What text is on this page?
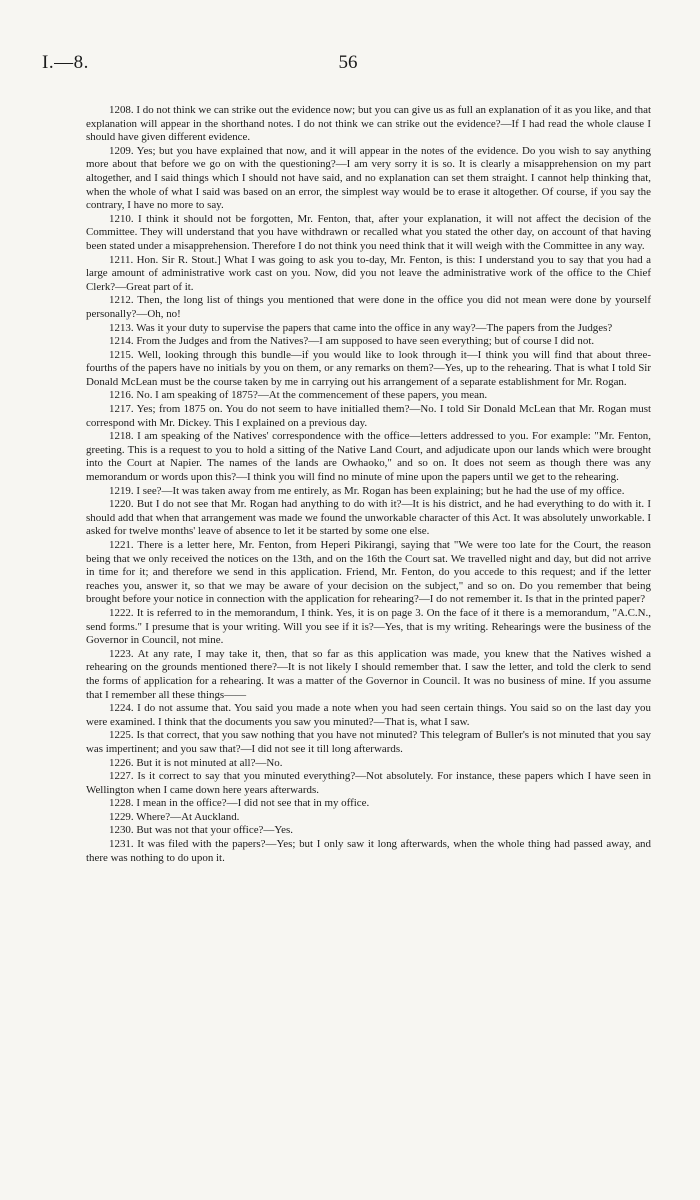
I.—8.	56

1208. I do not think we can strike out the evidence now; but you can give us as full an explanation of it as you like, and that explanation will appear in the shorthand notes. I do not think we can strike out the evidence?—If I had read the whole clause I should have given different evidence.

1209. Yes; but you have explained that now, and it will appear in the notes of the evidence. Do you wish to say anything more about that before we go on with the questioning?—I am very sorry it is so. It is clearly a misapprehension on my part altogether, and I said things which I should not have said, and no explanation can set them straight. I cannot help thinking that, when the whole of what I said was based on an error, the simplest way would be to erase it altogether. Of course, if you say the contrary, I have no more to say.

1210. I think it should not be forgotten, Mr. Fenton, that, after your explanation, it will not affect the decision of the Committee. They will understand that you have withdrawn or recalled what you stated the other day, on account of that having been stated under a misapprehension. Therefore I do not think you need think that it will weigh with the Committee in any way.

1211. Hon. Sir R. Stout.] What I was going to ask you to-day, Mr. Fenton, is this: I understand you to say that you had a large amount of administrative work cast on you. Now, did you not leave the administrative work of the office to the Chief Clerk?—Great part of it.

1212. Then, the long list of things you mentioned that were done in the office you did not mean were done by yourself personally?—Oh, no!

1213. Was it your duty to supervise the papers that came into the office in any way?—The papers from the Judges?

1214. From the Judges and from the Natives?—I am supposed to have seen everything; but of course I did not.

1215. Well, looking through this bundle—if you would like to look through it—I think you will find that about three-fourths of the papers have no initials by you on them, or any remarks on them?—Yes, up to the rehearing. That is what I told Sir Donald McLean must be the course taken by me in carrying out his arrangement of a separate establishment for Mr. Rogan.

1216. No. I am speaking of 1875?—At the commencement of these papers, you mean.

1217. Yes; from 1875 on. You do not seem to have initialled them?—No. I told Sir Donald McLean that Mr. Rogan must correspond with Mr. Dickey. This I explained on a previous day.

1218. I am speaking of the Natives' correspondence with the office—letters addressed to you. For example: "Mr. Fenton, greeting. This is a request to you to hold a sitting of the Native Land Court, and adjudicate upon our lands which were brought into the Court at Napier. The names of the lands are Owhaoko," and so on. It does not seem as though there was any memorandum or words upon this?—I think you will find no minute of mine upon the papers until we get to the rehearing.

1219. I see?—It was taken away from me entirely, as Mr. Rogan has been explaining; but he had the use of my office.

1220. But I do not see that Mr. Rogan had anything to do with it?—It is his district, and he had everything to do with it. I should add that when that arrangement was made we found the unworkable character of this Act. It was absolutely unworkable. I asked for twelve months' leave of absence to let it be started by some one else.

1221. There is a letter here, Mr. Fenton, from Heperi Pikirangi, saying that "We were too late for the Court, the reason being that we only received the notices on the 13th, and on the 16th the Court sat. We travelled night and day, but did not arrive in time for it; and therefore we send in this application. Friend, Mr. Fenton, do you accede to this request; and if the letter reaches you, answer it, so that we may be aware of your decision on the subject," and so on. Do you remember that being brought before your notice in connection with the application for rehearing?—I do not remember it. Is that in the printed paper?

1222. It is referred to in the memorandum, I think. Yes, it is on page 3. On the face of it there is a memorandum, "A.C.N., send forms." I presume that is your writing. Will you see if it is?—Yes, that is my writing. Rehearings were the business of the Governor in Council, not mine.

1223. At any rate, I may take it, then, that so far as this application was made, you knew that the Natives wished a rehearing on the grounds mentioned there?—It is not likely I should remember that. I saw the letter, and told the clerk to send the forms of application for a rehearing. It was a matter of the Governor in Council. It was no business of mine. If you assume that I remember all these things——

1224. I do not assume that. You said you made a note when you had seen certain things. You said so on the last day you were examined. I think that the documents you saw you minuted?—That is, what I saw.

1225. Is that correct, that you saw nothing that you have not minuted? This telegram of Buller's is not minuted that you say was impertinent; and you saw that?—I did not see it till long afterwards.

1226. But it is not minuted at all?—No.

1227. Is it correct to say that you minuted everything?—Not absolutely. For instance, these papers which I have seen in Wellington when I came down here years afterwards.

1228. I mean in the office?—I did not see that in my office.

1229. Where?—At Auckland.

1230. But was not that your office?—Yes.

1231. It was filed with the papers?—Yes; but I only saw it long afterwards, when the whole thing had passed away, and there was nothing to do upon it.
